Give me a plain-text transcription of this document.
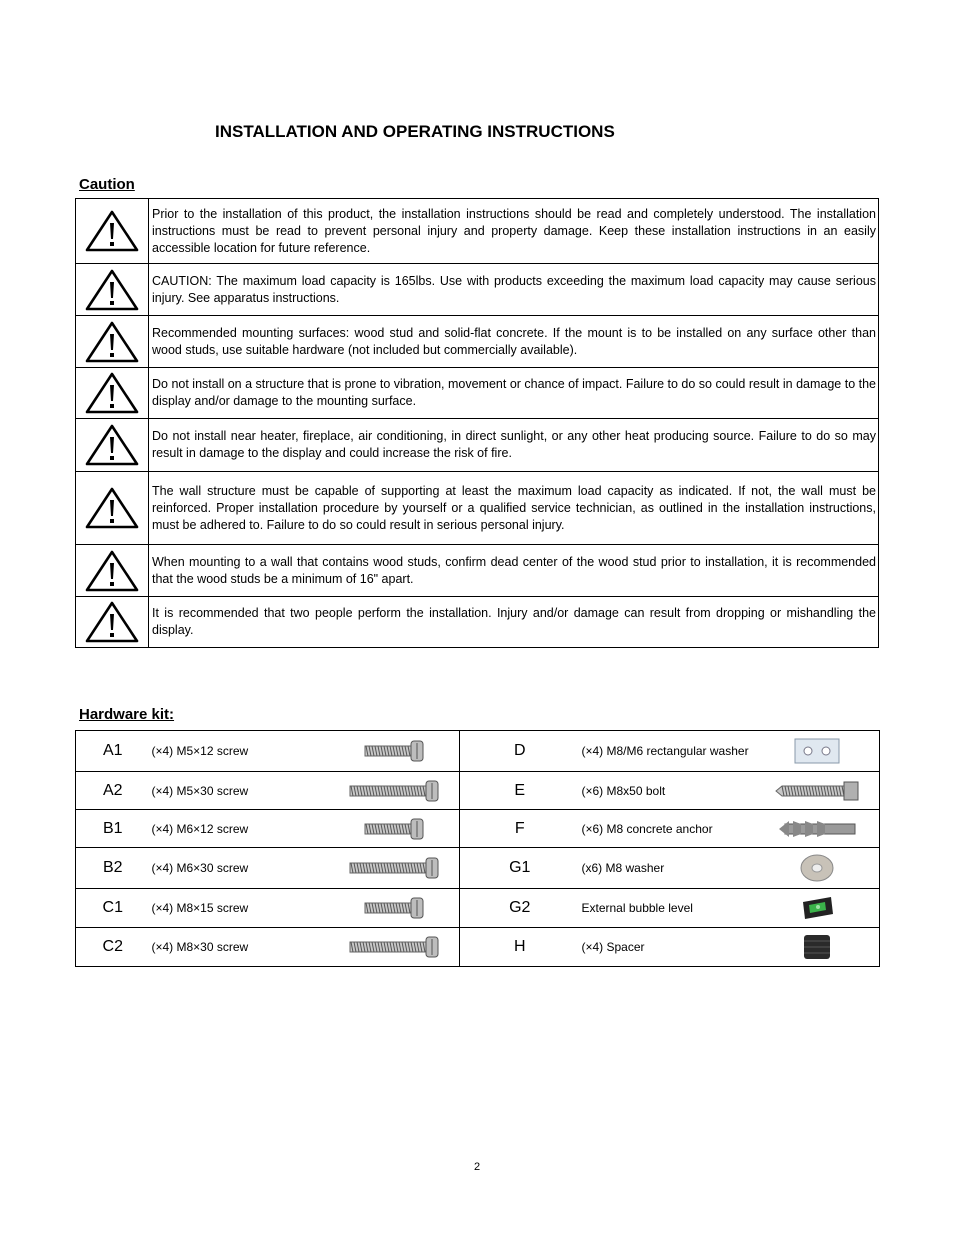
INSTALLATION AND OPERATING INSTRUCTIONS
Caution
	Prior to the installation of this product, the installation instructions should be read and completely understood. The installation instructions must be read to prevent personal injury and property damage. Keep these installation instructions in an easily accessible location for future reference.

	CAUTION: The maximum load capacity is 165lbs. Use with products exceeding the maximum load capacity may cause serious injury. See apparatus instructions.

	Recommended mounting surfaces: wood stud and solid-flat concrete. If the mount is to be installed on any surface other than wood studs, use suitable hardware (not included but commercially available).

	Do not install on a structure that is prone to vibration, movement or chance of impact. Failure to do so could result in damage to the display and/or damage to the mounting surface.

	Do not install near heater, fireplace, air conditioning, in direct sunlight, or any other heat producing source. Failure to do so may result in damage to the display and could increase the risk of fire.

	The wall structure must be capable of supporting at least the maximum load capacity as indicated. If not, the wall must be reinforced. Proper installation procedure by yourself or a qualified service technician, as outlined in the installation instructions, must be adhered to. Failure to do so could result in serious personal injury.

	When mounting to a wall that contains wood studs, confirm dead center of the wood stud prior to installation, it is recommended that the wood studs be a minimum of 16" apart.

	It is recommended that two people perform the installation. Injury and/or damage can result from dropping or mishandling the display.
Hardware kit:
A1	(×4) M5×12 screw		D	(×4) M8/M6 rectangular washer	
A2	(×4) M5×30 screw		E	(×6) M8x50 bolt	
B1	(×4) M6×12 screw		F	(×6) M8 concrete anchor	
B2	(×4) M6×30 screw		G1	(x6) M8 washer	
C1	(×4) M8×15 screw		G2	External bubble level	
C2	(×4) M8×30 screw		H	(×4) Spacer	
2
